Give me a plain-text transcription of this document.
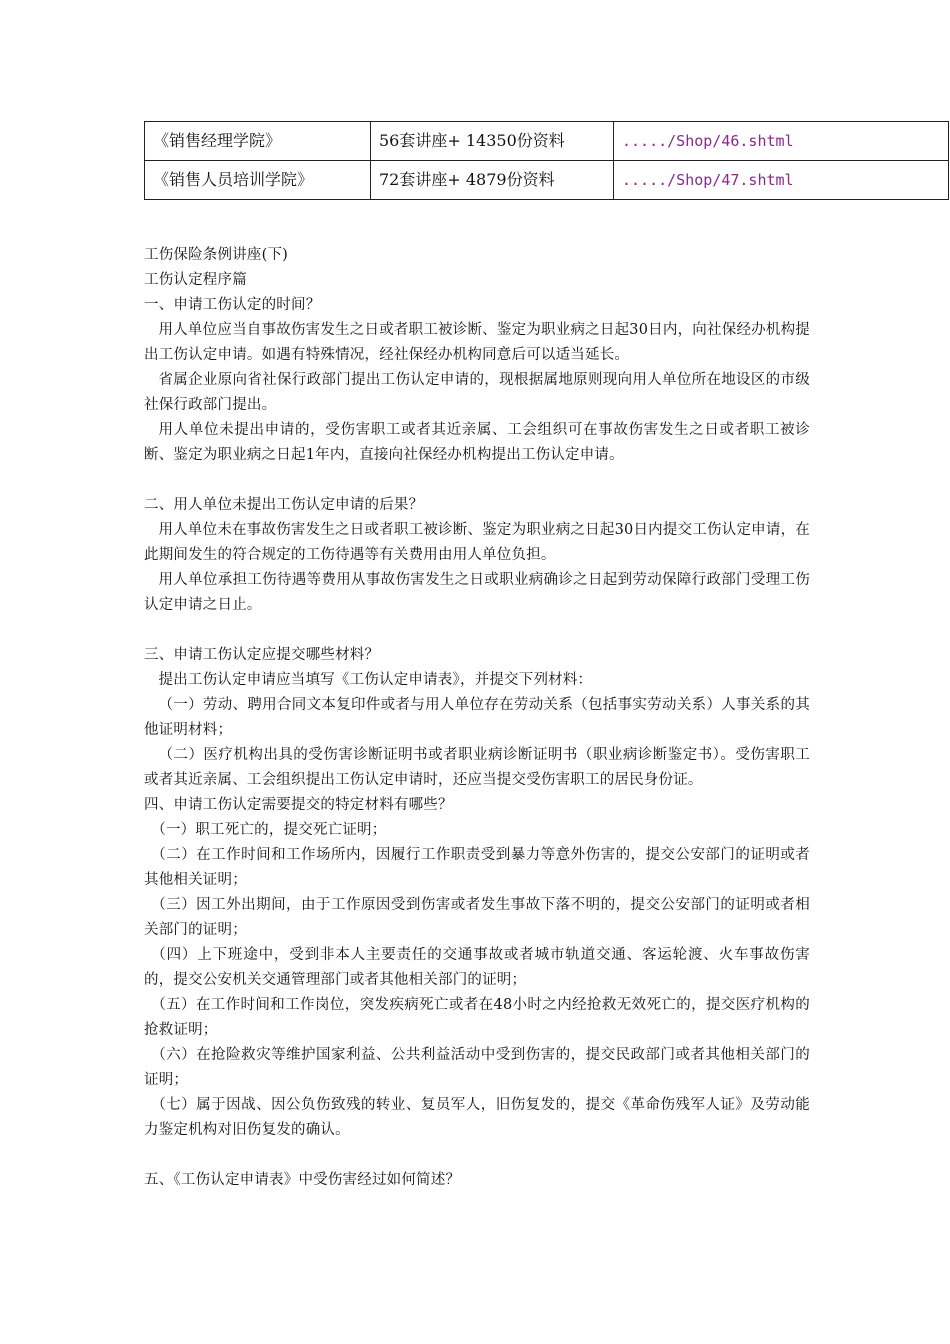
《销售经理学院》	56套讲座+ 14350份资料	...../Shop/46.shtml
《销售人员培训学院》	72套讲座+ 4879份资料	...../Shop/47.shtml

工伤保险条例讲座(下)

工伤认定程序篇

一、申请工伤认定的时间？

用人单位应当自事故伤害发生之日或者职工被诊断、鉴定为职业病之日起30日内，向社保经办机构提出工伤认定申请。如遇有特殊情况，经社保经办机构同意后可以适当延长。

省属企业原向省社保行政部门提出工伤认定申请的，现根据属地原则现向用人单位所在地设区的市级社保行政部门提出。

用人单位未提出申请的，受伤害职工或者其近亲属、工会组织可在事故伤害发生之日或者职工被诊断、鉴定为职业病之日起1年内，直接向社保经办机构提出工伤认定申请。

二、用人单位未提出工伤认定申请的后果？

用人单位未在事故伤害发生之日或者职工被诊断、鉴定为职业病之日起30日内提交工伤认定申请，在此期间发生的符合规定的工伤待遇等有关费用由用人单位负担。

用人单位承担工伤待遇等费用从事故伤害发生之日或职业病确诊之日起到劳动保障行政部门受理工伤认定申请之日止。

三、申请工伤认定应提交哪些材料？

提出工伤认定申请应当填写《工伤认定申请表》，并提交下列材料：

（一）劳动、聘用合同文本复印件或者与用人单位存在劳动关系（包括事实劳动关系）人事关系的其他证明材料；

（二）医疗机构出具的受伤害诊断证明书或者职业病诊断证明书（职业病诊断鉴定书）。受伤害职工或者其近亲属、工会组织提出工伤认定申请时，还应当提交受伤害职工的居民身份证。

四、申请工伤认定需要提交的特定材料有哪些？

（一）职工死亡的，提交死亡证明；

（二）在工作时间和工作场所内，因履行工作职责受到暴力等意外伤害的，提交公安部门的证明或者其他相关证明；

（三）因工外出期间，由于工作原因受到伤害或者发生事故下落不明的，提交公安部门的证明或者相关部门的证明；

（四）上下班途中，受到非本人主要责任的交通事故或者城市轨道交通、客运轮渡、火车事故伤害的，提交公安机关交通管理部门或者其他相关部门的证明；

（五）在工作时间和工作岗位，突发疾病死亡或者在48小时之内经抢救无效死亡的，提交医疗机构的抢救证明；

（六）在抢险救灾等维护国家利益、公共利益活动中受到伤害的，提交民政部门或者其他相关部门的证明；

（七）属于因战、因公负伤致残的转业、复员军人，旧伤复发的，提交《革命伤残军人证》及劳动能力鉴定机构对旧伤复发的确认。

五、《工伤认定申请表》中受伤害经过如何简述？
